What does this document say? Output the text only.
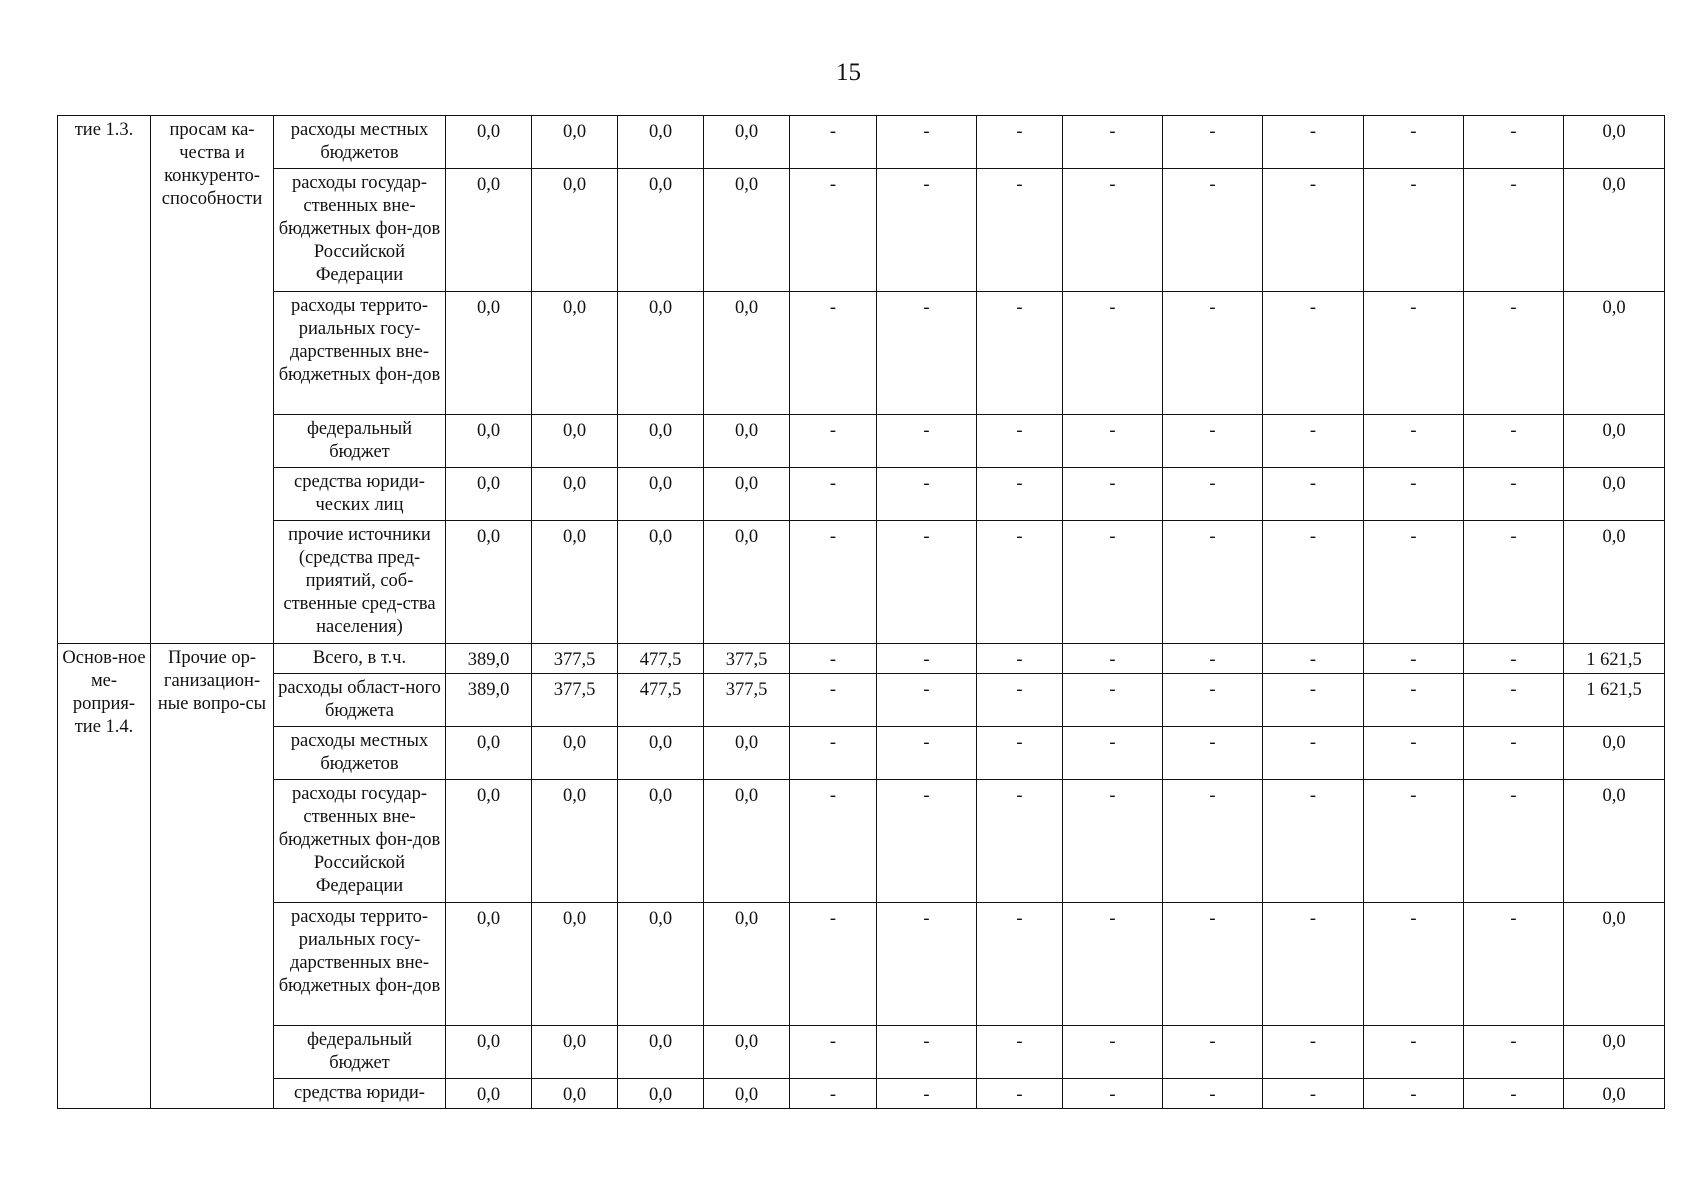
15
тие 1.3.	просам ка-чества и конкуренто-способности	расходы местных бюджетов	0,0	0,0	0,0	0,0	-	-	-	-	-	-	-	-	0,0
		расходы государ-ственных вне-бюджетных фон-дов Российской Федерации	0,0	0,0	0,0	0,0	-	-	-	-	-	-	-	-	0,0
		расходы террито-риальных госу-дарственных вне-бюджетных фон-дов	0,0	0,0	0,0	0,0	-	-	-	-	-	-	-	-	0,0
		федеральный бюджет	0,0	0,0	0,0	0,0	-	-	-	-	-	-	-	-	0,0
		средства юриди-ческих лиц	0,0	0,0	0,0	0,0	-	-	-	-	-	-	-	-	0,0
		прочие источники (средства пред-приятий, соб-ственные сред-ства населения)	0,0	0,0	0,0	0,0	-	-	-	-	-	-	-	-	0,0
Основ-ное ме-роприя-тие 1.4.	Прочие ор-ганизацион-ные вопро-сы	Всего, в т.ч.	389,0	377,5	477,5	377,5	-	-	-	-	-	-	-	-	1 621,5
		расходы област-ного бюджета	389,0	377,5	477,5	377,5	-	-	-	-	-	-	-	-	1 621,5
		расходы местных бюджетов	0,0	0,0	0,0	0,0	-	-	-	-	-	-	-	-	0,0
		расходы государ-ственных вне-бюджетных фон-дов Российской Федерации	0,0	0,0	0,0	0,0	-	-	-	-	-	-	-	-	0,0
		расходы террито-риальных госу-дарственных вне-бюджетных фон-дов	0,0	0,0	0,0	0,0	-	-	-	-	-	-	-	-	0,0
		федеральный бюджет	0,0	0,0	0,0	0,0	-	-	-	-	-	-	-	-	0,0
		средства юриди-	0,0	0,0	0,0	0,0	-	-	-	-	-	-	-	-	0,0
